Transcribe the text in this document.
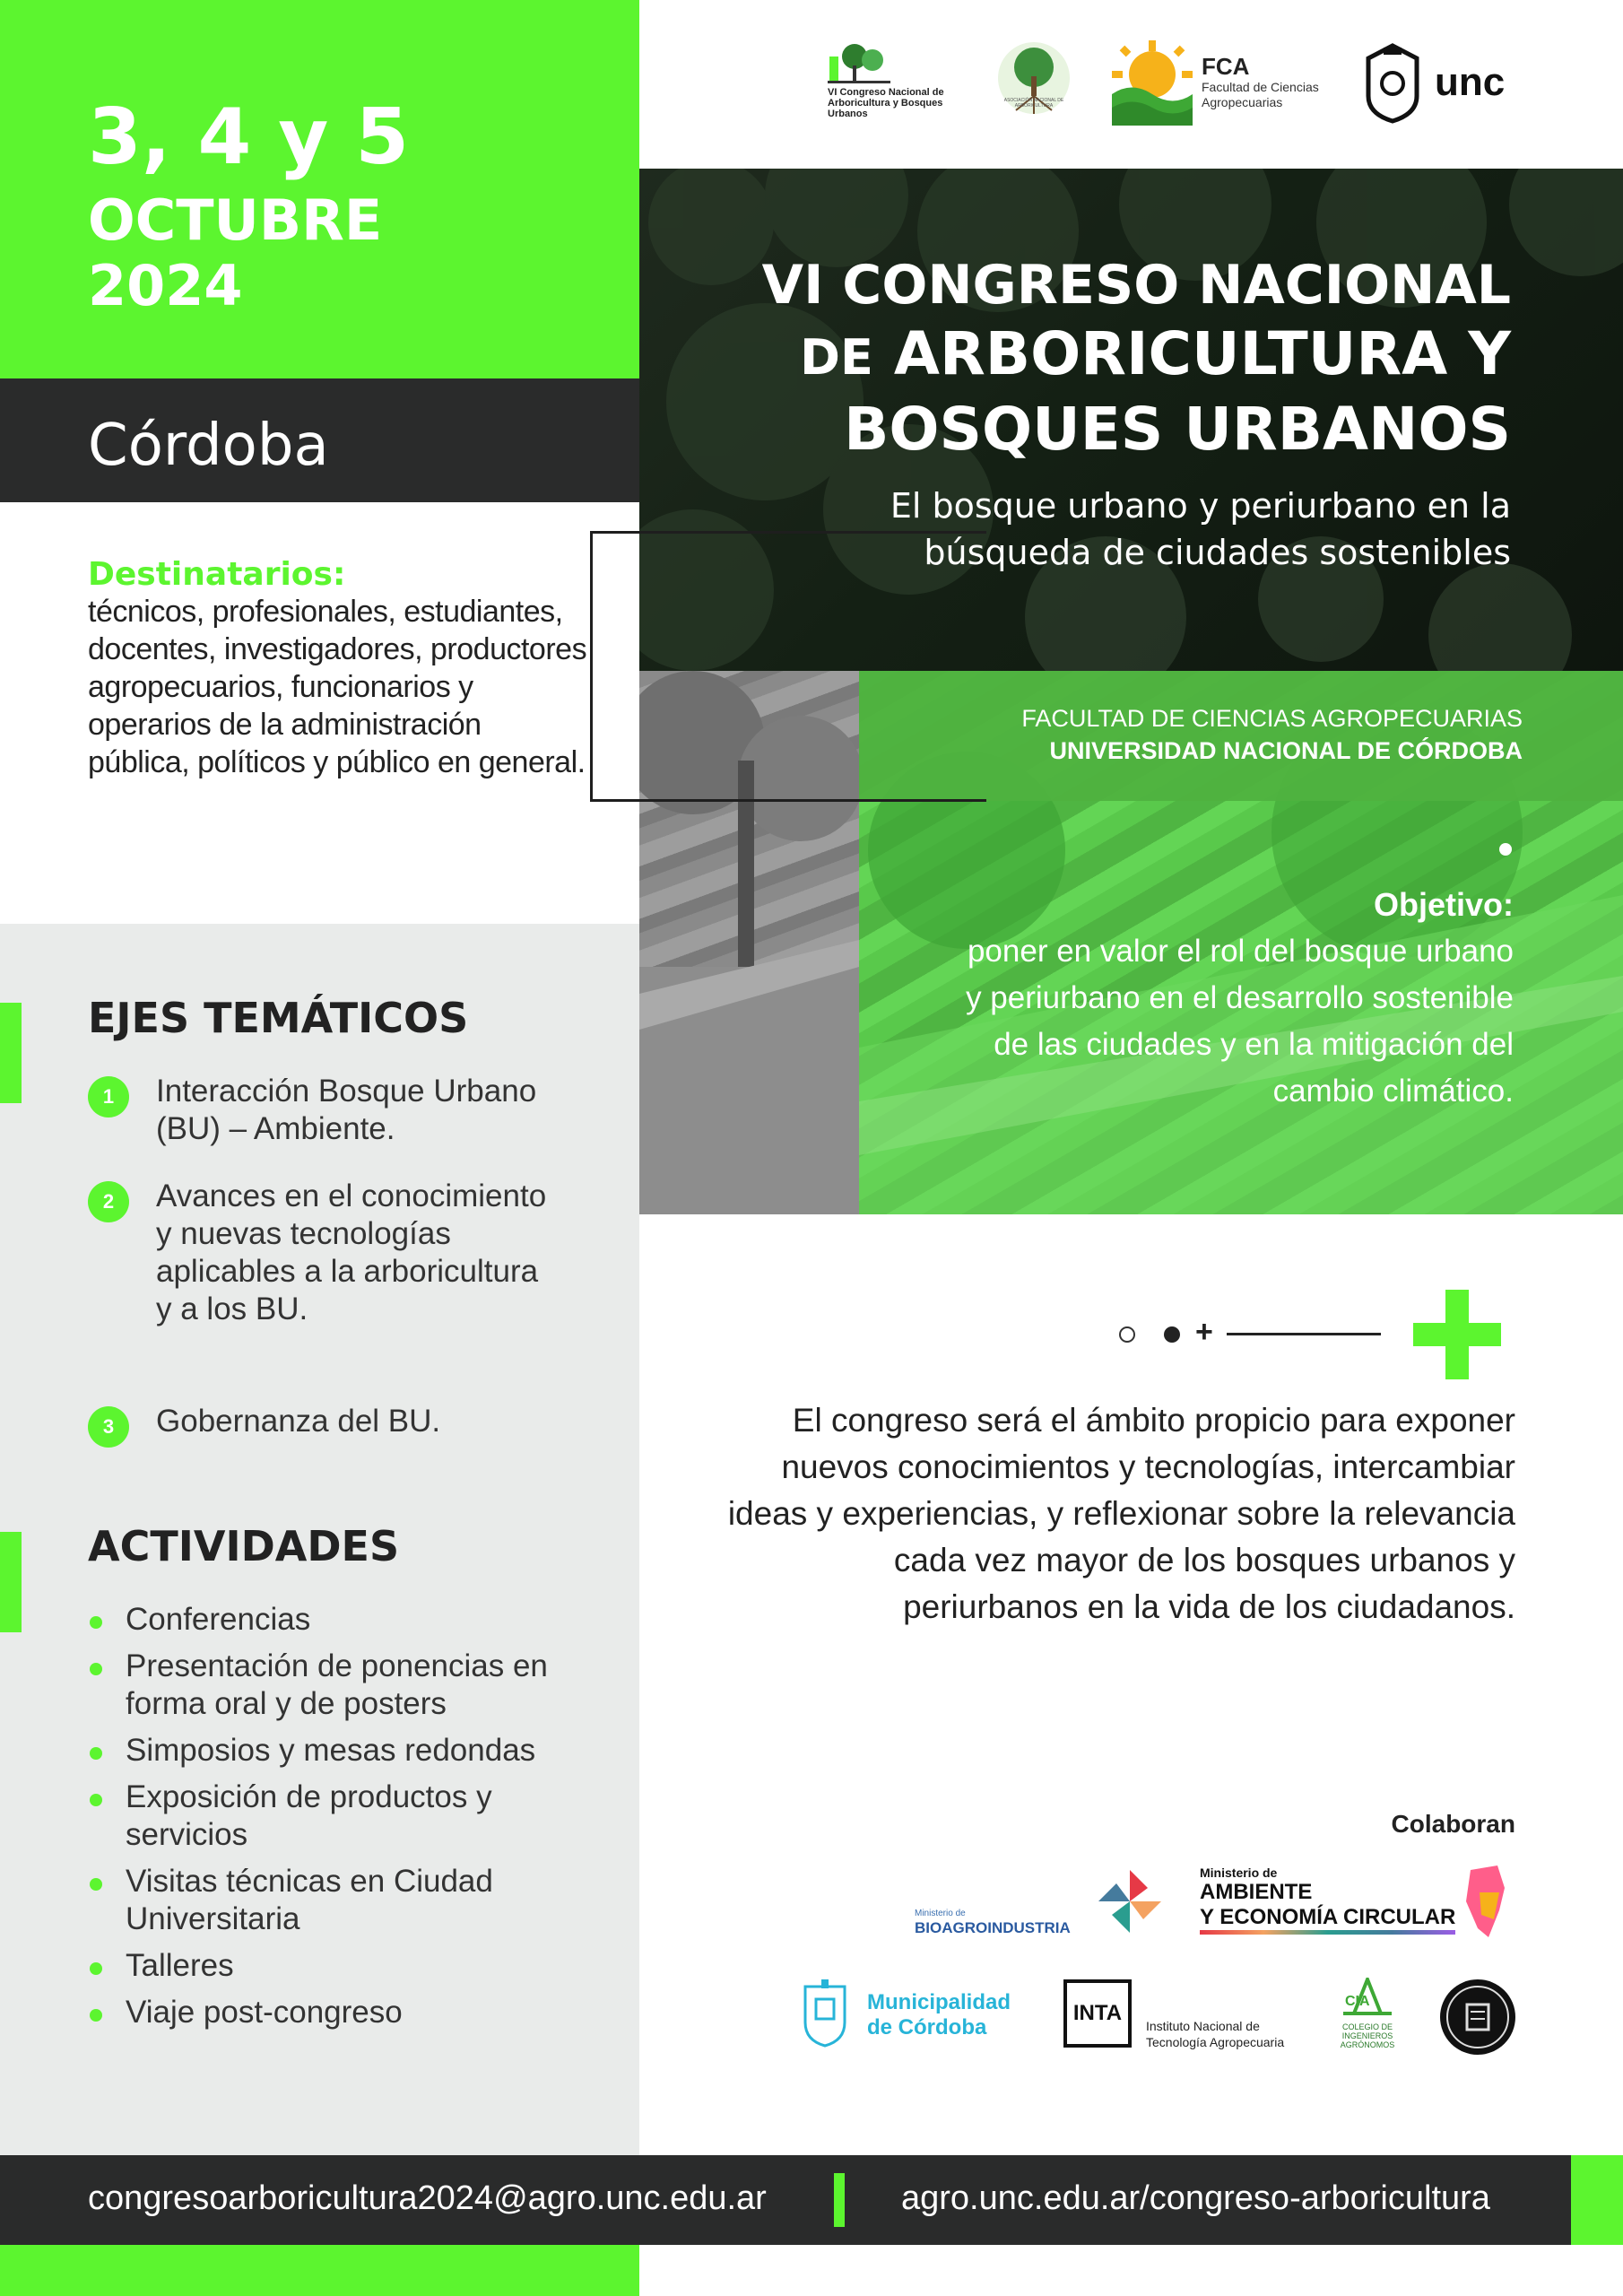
3, 4 y 5
OCTUBRE
2024
Córdoba
Destinatarios:
técnicos, profesionales, estudiantes, docentes, investigadores, productores agropecuarios, funcionarios y operarios de la administración pública, políticos y público en general.
EJES TEMÁTICOS
1	Interacción Bosque Urbano (BU) – Ambiente.
2	Avances en el conocimiento y nuevas tecnologías aplicables a la arboricultura y a los BU.
3	Gobernanza del BU.
ACTIVIDADES
Conferencias
Presentación de ponencias en forma oral y de posters
Simposios y mesas redondas
Exposición de productos y servicios
Visitas técnicas en Ciudad Universitaria
Talleres
Viaje post-congreso
VI Congreso Nacional de Arboricultura y Bosques Urbanos
ASOCIACIÓN NACIONAL DE ARBORICULTURA
FCA
Facultad de Ciencias Agropecuarias	unc
VI CONGRESO NACIONAL
DE ARBORICULTURA Y
BOSQUES URBANOS
El bosque urbano y periurbano en la búsqueda de ciudades sostenibles
FACULTAD DE CIENCIAS AGROPECUARIAS
UNIVERSIDAD NACIONAL DE CÓRDOBA
Objetivo:
poner en valor el rol del bosque urbano y periurbano en el desarrollo sostenible de las ciudades y en la mitigación del cambio climático.
+
El congreso será el ámbito propicio para exponer nuevos conocimientos y tecnologías, intercambiar ideas y experiencias, y reflexionar sobre la relevancia cada vez mayor de los bosques urbanos y periurbanos en la vida de los ciudadanos.
Colaboran
Ministerio de
BIOAGROINDUSTRIA
Ministerio de
AMBIENTE
Y ECONOMÍA CIRCULAR
Municipalidad
de Córdoba
INTA
Instituto Nacional de
Tecnología Agropecuaria
CIA
COLEGIO DE INGENIEROS AGRÓNOMOS
congresoarboricultura2024@agro.unc.edu.ar	agro.unc.edu.ar/congreso-arboricultura
